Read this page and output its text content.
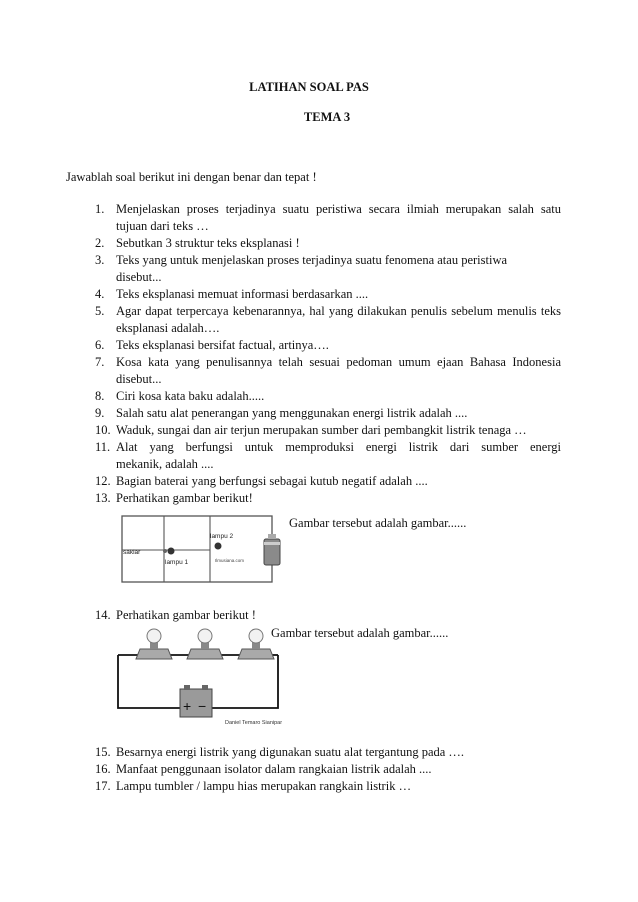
LATIHAN SOAL PAS
TEMA 3
Jawablah soal berikut ini dengan benar dan tepat !
1. Menjelaskan proses terjadinya suatu peristiwa secara ilmiah merupakan salah satu
tujuan dari teks …
2. Sebutkan 3 struktur teks eksplanasi !
3. Teks yang untuk menjelaskan proses terjadinya suatu fenomena atau peristiwa
disebut...
4. Teks eksplanasi memuat informasi berdasarkan ....
5. Agar dapat terpercaya kebenarannya, hal yang dilakukan penulis sebelum menulis teks
eksplanasi adalah….
6. Teks eksplanasi bersifat factual, artinya….
7. Kosa kata yang penulisannya telah sesuai pedoman umum ejaan Bahasa Indonesia
disebut...
8. Ciri kosa kata baku adalah.....
9. Salah satu alat penerangan yang menggunakan energi listrik adalah ....
10. Waduk, sungai dan air terjun merupakan sumber dari pembangkit listrik tenaga …
11. Alat yang berfungsi untuk memproduksi energi listrik dari sumber energi
mekanik, adalah ....
12. Bagian baterai yang berfungsi sebagai kutub negatif adalah ....
13. Perhatikan gambar berikut!
saklar
lampu 1
lampu 2
Ilmusiana.com
Gambar tersebut adalah gambar......
14. Perhatikan gambar berikut !
Gambar tersebut adalah gambar......
+ −
Daniel Temaro Sianipar
15. Besarnya energi listrik yang digunakan suatu alat tergantung pada ….
16. Manfaat penggunaan isolator dalam rangkaian listrik adalah ....
17. Lampu tumbler / lampu hias merupakan rangkain listrik …
